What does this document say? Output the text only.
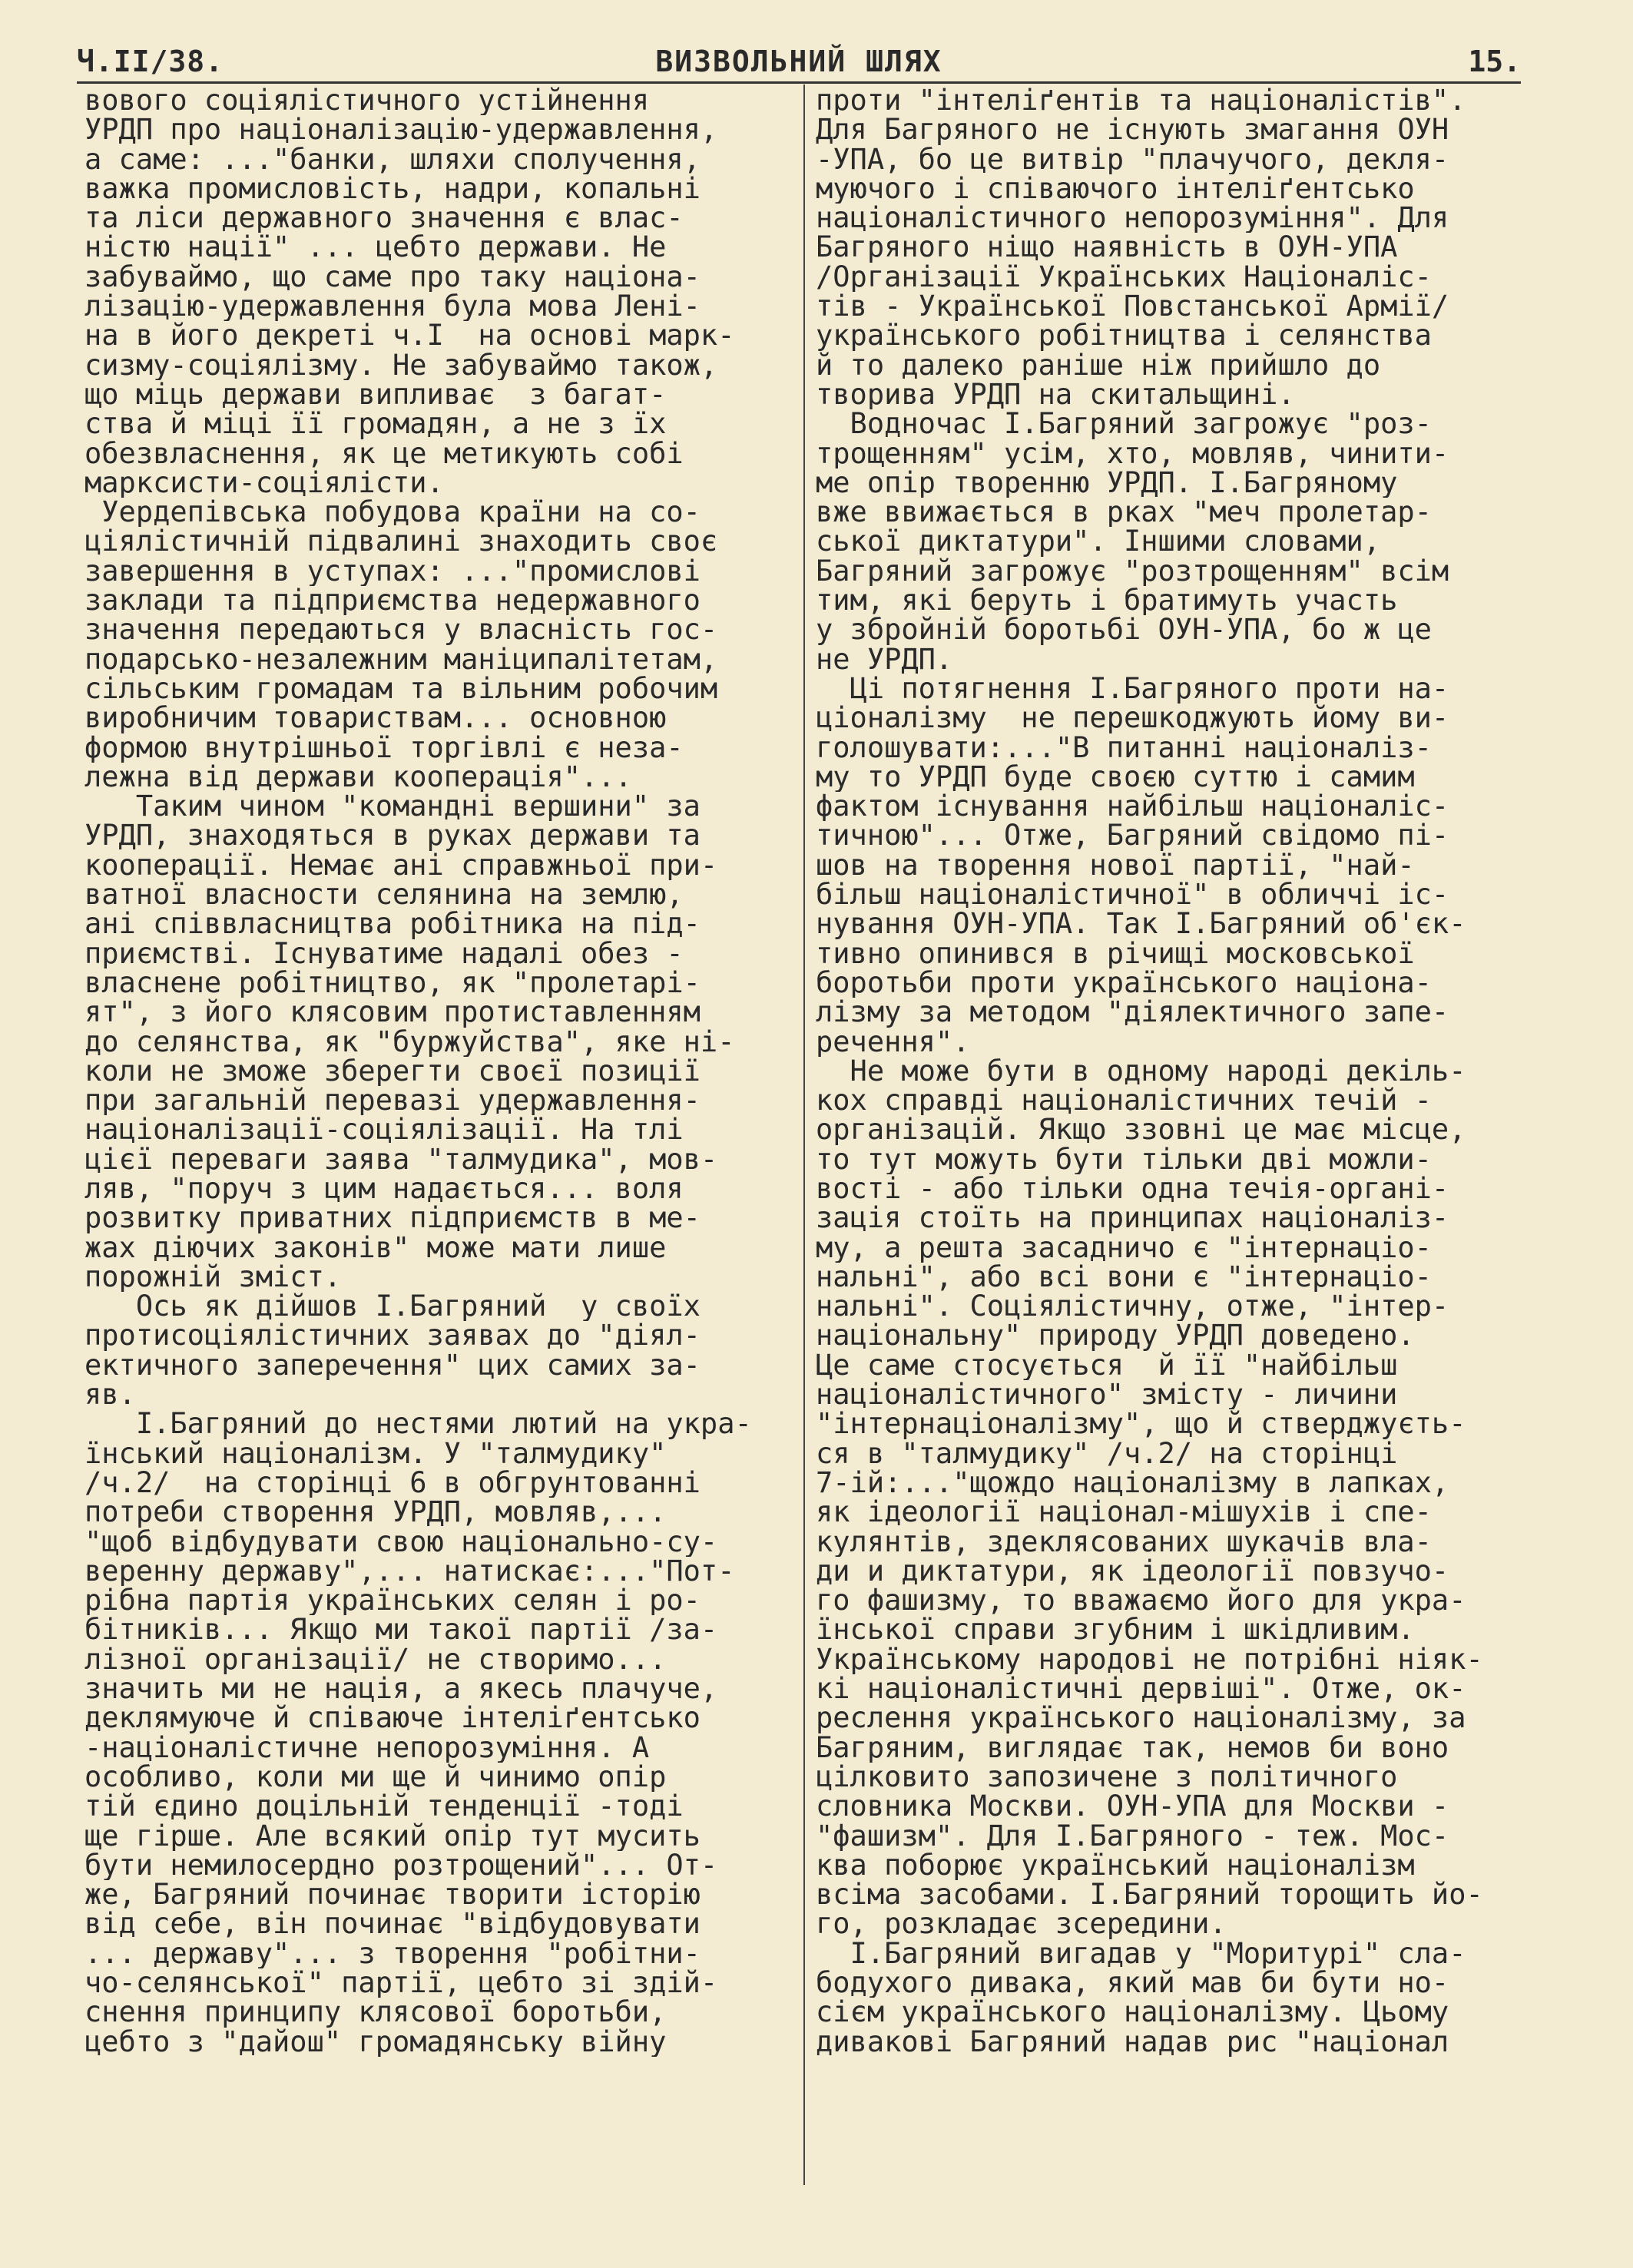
Ч.II/38.	ВИЗВОЛЬНИЙ ШЛЯХ	15.
вового соціялістичного устійнення
УРДП про націоналізацію-удержавлення,
а саме: ..."банки, шляхи сполучення,
важка промисловість, надри, копальні
та ліси державного значення є влас-
ністю нації" ... цебто держави. Не
забуваймо, що саме про таку націона-
лізацію-удержавлення була мова Лені-
на в його декреті ч.I  на основі марк-
сизму-соціялізму. Не забуваймо також,
що міць держави випливає  з багат-
ства й міці її громадян, а не з їх
обезвласнення, як це метикують собі
марксисти-соціялісти.
Уердепівська побудова країни на со-
ціялістичній підвалині знаходить своє
завершення в уступах: ..."промислові
заклади та підприємства недержавного
значення передаються у власність гос-
подарсько-незалежним маніципалітетам,
сільським громадам та вільним робочим
виробничим товариствам... основною
формою внутрішньої торгівлі є неза-
лежна від держави кооперація"...
Таким чином "командні вершини" за
УРДП, знаходяться в руках держави та
кооперації. Немає ані справжньої при-
ватної власности селянина на землю,
ані співвласництва робітника на під-
приємстві. Існуватиме надалі обез -
власнене робітництво, як "пролетарі-
ят", з його клясовим протиставленням
до селянства, як "буржуйства", яке ні-
коли не зможе зберегти своєї позиції
при загальній перевазі удержавлення-
націоналізації-соціялізації. На тлі
цієї переваги заява "талмудика", мов-
ляв, "поруч з цим надається... воля
розвитку приватних підприємств в ме-
жах діючих законів" може мати лише
порожній зміст.
Ось як дійшов I.Багряний  у своїх
протисоціялістичних заявах до "діял-
ектичного заперечення" цих самих за-
яв.
I.Багряний до нестями лютий на укра-
їнський націоналізм. У "талмудику"
/ч.2/  на сторінці 6 в обгрунтованні
потреби створення УРДП, мовляв,...
"щоб відбудувати свою національно-су-
веренну державу",... натискає:..."Пот-
рібна партія українських селян і ро-
бітників... Якщо ми такої партії /за-
лізної організації/ не створимо...
значить ми не нація, а якесь плачуче,
деклямуюче й співаюче інтеліґентсько
-націоналістичне непорозуміння. А
особливо, коли ми ще й чинимо опір
тій єдино доцільній тенденції -тоді
ще гірше. Але всякий опір тут мусить
бути немилосердно розтрощений"... От-
же, Багряний починає творити історію
від себе, він починає "відбудовувати
... державу"... з творення "робітни-
чо-селянської" партії, цебто зі здій-
снення принципу клясової боротьби,
цебто з "дайош" громадянську війну
проти "інтеліґентів та націоналістів".
Для Багряного не існують змагання ОУН
-УПА, бо це витвір "плачучого, декля-
муючого і співаючого інтеліґентсько
націоналістичного непорозуміння". Для
Багряного ніщо наявність в ОУН-УПА
/Організації Українських Націоналіс-
тів - Української Повстанської Армії/
українського робітництва і селянства
й то далеко раніше ніж прийшло до
творива УРДП на скитальщині.
Водночас I.Багряний загрожує "роз-
трощенням" усім, хто, мовляв, чинити-
ме опір творенню УРДП. I.Багряному
вже ввижається в рках "меч пролетар-
ської диктатури". Іншими словами,
Багряний загрожує "розтрощенням" всім
тим, які беруть і братимуть участь
у збройній боротьбі ОУН-УПА, бо ж це
не УРДП.
Ці потягнення I.Багряного проти на-
ціоналізму  не перешкоджують йому ви-
голошувати:..."В питанні націоналіз-
му то УРДП буде своєю суттю і самим
фактом існування найбільш націоналіс-
тичною"... Отже, Багряний свідомо пі-
шов на творення нової партії, "най-
більш націоналістичної" в обличчі іс-
нування ОУН-УПА. Так I.Багряний об'єк-
тивно опинився в річищі московської
боротьби проти українського націона-
лізму за методом "діялектичного запе-
речення".
Не може бути в одному народі декіль-
кох справді націоналістичних течій -
організацій. Якщо ззовні це має місце,
то тут можуть бути тільки дві можли-
вості - або тільки одна течія-органі-
зація стоїть на принципах націоналіз-
му, а решта засадничо є "інтернаціо-
нальні", або всі вони є "інтернаціо-
нальні". Соціялістичну, отже, "інтер-
національну" природу УРДП доведено.
Це саме стосується  й її "найбільш
націоналістичного" змісту - личини
"інтернаціоналізму", що й стверджуєть-
ся в "талмудику" /ч.2/ на сторінці
7-ій:..."щождо націоналізму в лапках,
як ідеології націонал-мішухів і спе-
кулянтів, здеклясованих шукачів вла-
ди и диктатури, як ідеології повзучо-
го фашизму, то вважаємо його для укра-
їнської справи згубним і шкідливим.
Українському народові не потрібні ніяк-
кі націоналістичні дервіші". Отже, ок-
реслення українського націоналізму, за
Багряним, виглядає так, немов би воно
цілковито запозичене з політичного
словника Москви. ОУН-УПА для Москви -
"фашизм". Для I.Багряного - теж. Мос-
ква поборює український націоналізм
всіма засобами. I.Багряний торощить йо-
го, розкладає зсередини.
I.Багряний вигадав у "Моритурі" сла-
бодухого дивака, який мав би бути но-
сієм українського націоналізму. Цьому
диваковi Багряний надав рис "націонал
